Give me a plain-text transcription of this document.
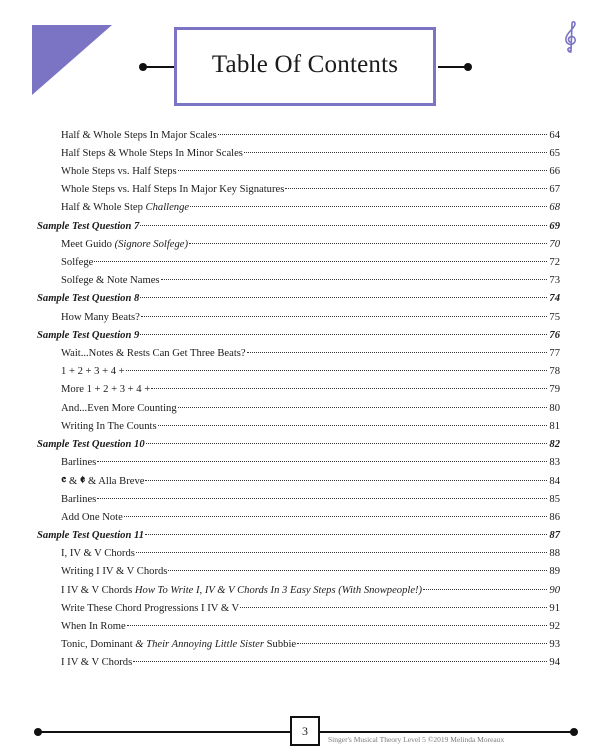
Table Of Contents
Half & Whole Steps In Major Scales	64
Half Steps & Whole Steps In Minor Scales	65
Whole Steps vs. Half Steps	66
Whole Steps vs. Half Steps In Major Key Signatures	67
Half & Whole Step Challenge	68
Sample Test Question 7	69
Meet Guido (Signore Solfege)	70
Solfege	72
Solfege & Note Names	73
Sample Test Question 8	74
How Many Beats?	75
Sample Test Question 9	76
Wait...Notes & Rests Can Get Three Beats?	77
1 + 2 + 3 + 4 +	78
More 1 + 2 + 3 + 4 +	79
And...Even More Counting	80
Writing In The Counts	81
Sample Test Question 10	82
Barlines	83
𝄴 & 𝄵 & Alla Breve	84
Barlines	85
Add One Note	86
Sample Test Question 11	87
I, IV & V Chords	88
Writing I IV & V Chords	89
I IV & V Chords How To Write I, IV & V Chords In 3 Easy Steps (With Snowpeople!)	90
Write These Chord Progressions I IV & V	91
When In Rome	92
Tonic, Dominant & Their Annoying Little Sister Subbie	93
I IV & V Chords	94
3
Singer's Musical Theory Level 5 ©2019 Melinda Moreaux
